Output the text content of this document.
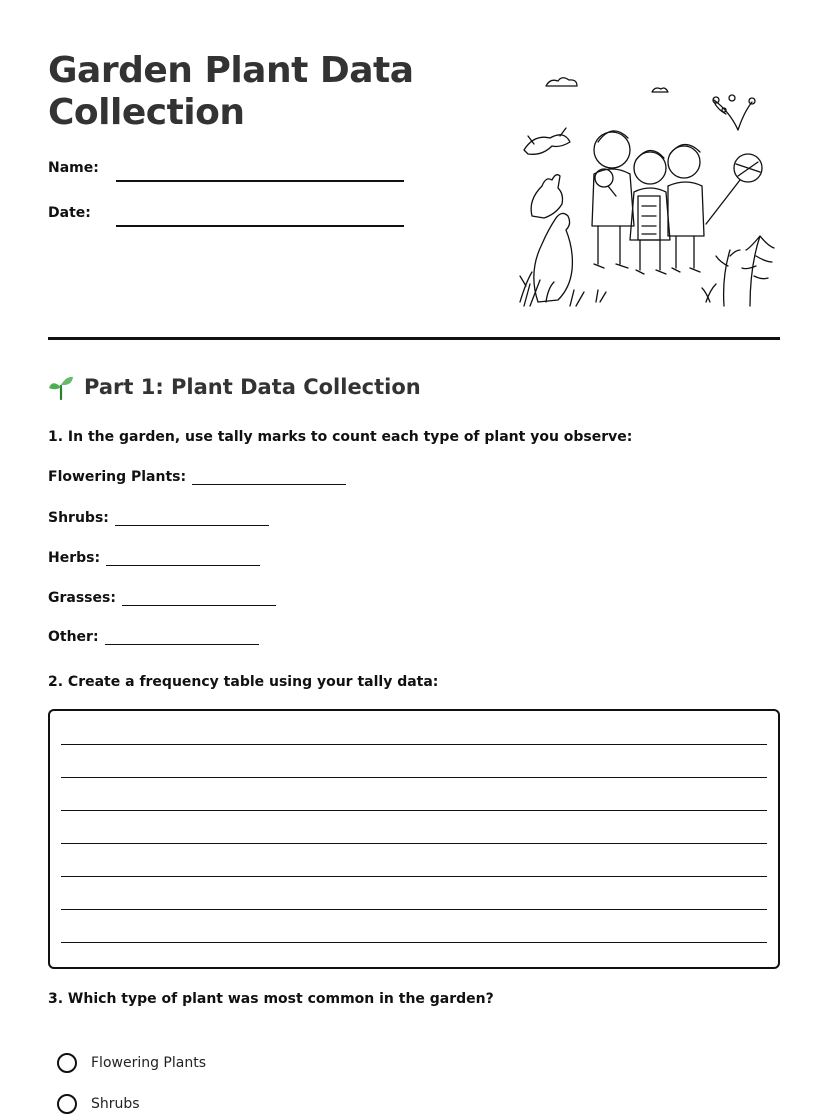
Garden Plant Data Collection
Name:
Date:
Part 1: Plant Data Collection
1. In the garden, use tally marks to count each type of plant you observe:
Flowering Plants:
Shrubs:
Herbs:
Grasses:
Other:
2. Create a frequency table using your tally data:
3. Which type of plant was most common in the garden?
Flowering Plants
Shrubs
